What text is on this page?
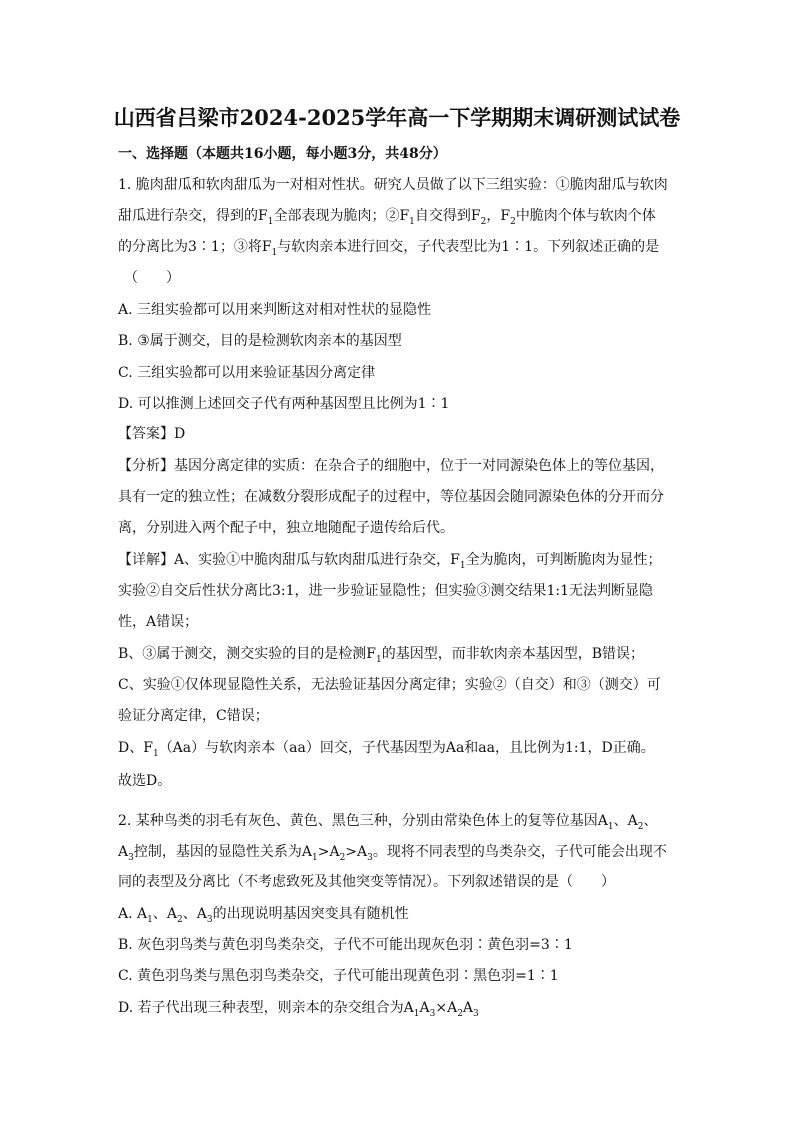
山西省吕梁市2024-2025学年高一下学期期末调研测试试卷
一、选择题（本题共16小题，每小题3分，共48分）
1. 脆肉甜瓜和软肉甜瓜为一对相对性状。研究人员做了以下三组实验：①脆肉甜瓜与软肉
甜瓜进行杂交，得到的$F_1$全部表现为脆肉；$②F_1$自交得到$F_2$，$F_2$中脆肉个体与软肉个体
的分离比为3∶1；③将$F_1$与软肉亲本进行回交，子代表型比为1∶1。下列叙述正确的是
（　　）
A. 三组实验都可以用来判断这对相对性状的显隐性
B. ③属于测交，目的是检测软肉亲本的基因型
C. 三组实验都可以用来验证基因分离定律
D. 可以推测上述回交子代有两种基因型且比例为1∶1
【答案】D
【分析】基因分离定律的实质：在杂合子的细胞中，位于一对同源染色体上的等位基因，
具有一定的独立性；在减数分裂形成配子的过程中，等位基因会随同源染色体的分开而分
离，分别进入两个配子中，独立地随配子遗传给后代。
【详解】A、实验①中脆肉甜瓜与软肉甜瓜进行杂交，$F_1$全为脆肉，可判断脆肉为显性；
实验②自交后性状分离比3:1，进一步验证显隐性；但实验③测交结果1:1无法判断显隐
性，A错误；
B、③属于测交，测交实验的目的是检测$F_1$的基因型，而非软肉亲本基因型，B错误；
C、实验①仅体现显隐性关系，无法验证基因分离定律；实验②（自交）和③（测交）可
验证分离定律，C错误；
D、$F_1(Aa)$与软肉亲本（aa）回交，子代基因型为Aa和aa，且比例为1:1，D正确。
故选D。
2. 某种鸟类的羽毛有灰色、黄色、黑色三种，分别由常染色体上的复等位基因$A_1$、$A_2$、
$A_3$控制，基因的显隐性关系为$A_1>A_2>A_3$。现将不同表型的鸟类杂交，子代可能会出现不
同的表型及分离比（不考虑致死及其他突变等情况）。下列叙述错误的是（　　）
A. $A_1$、$A_2$、$A_3$的出现说明基因突变具有随机性
B. 灰色羽鸟类与黄色羽鸟类杂交，子代不可能出现灰色羽∶黄色羽=3∶1
C. 黄色羽鸟类与黑色羽鸟类杂交，子代可能出现黄色羽∶黑色羽=1∶1
D. 若子代出现三种表型，则亲本的杂交组合为$A_1A_3\times A_2A_3$
